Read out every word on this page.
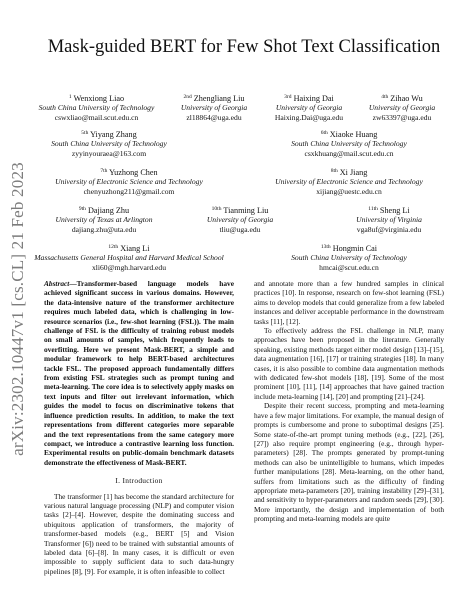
arXiv:2302.10447v1 [cs.CL] 21 Feb 2023
Mask-guided BERT for Few Shot Text Classification
$^1$ Wenxiong Liao
South China University of Technology
cswxliao@mail.scut.edu.cn
$^{2nd}$ Zhengliang Liu
University of Georgia
zl18864@uga.edu
$^{3rd}$ Haixing Dai
University of Georgia
Haixing.Dai@uga.edu
$^{4th}$ Zihao Wu
University of Georgia
zw63397@uga.edu
$^{5th}$ Yiyang Zhang
South China University of Technology
zyyinyouraea@163.com
$^{6th}$ Xiaoke Huang
South China University of Technology
csxkhuang@mail.scut.edu.cn
$^{7th}$ Yuzhong Chen
University of Electronic Science and Technology
chenyuzhong211@gmail.com
$^{8th}$ Xi Jiang
University of Electronic Science and Technology
xijiang@uestc.edu.cn
$^{9th}$ Dajiang Zhu
University of Texas at Arlington
dajiang.zhu@uta.edu
$^{10th}$ Tianming Liu
University of Georgia
tliu@uga.edu
$^{11th}$ Sheng Li
University of Virginia
vga8uf@virginia.edu
$^{12th}$ Xiang Li
Massachusetts General Hospital and Harvard Medical School
xli60@mgh.harvard.edu
$^{13th}$ Hongmin Cai
South China University of Technology
hmcai@scut.edu.cn

Abstract—Transformer-based language models have achieved significant success in various domains. However, the data-intensive nature of the transformer architecture requires much labeled data, which is challenging in low-resource scenarios (i.e., few-shot learning (FSL)). The main challenge of FSL is the difficulty of training robust models on small amounts of samples, which frequently leads to overfitting. Here we present Mask-BERT, a simple and modular framework to help BERT-based architectures tackle FSL. The proposed approach fundamentally differs from existing FSL strategies such as prompt tuning and meta-learning. The core idea is to selectively apply masks on text inputs and filter out irrelevant information, which guides the model to focus on discriminative tokens that influence prediction results. In addition, to make the text representations from different categories more separable and the text representations from the same category more compact, we introduce a contrastive learning loss function. Experimental results on public-domain benchmark datasets demonstrate the effectiveness of Mask-BERT.

I. Introduction

The transformer [1] has become the standard architecture for various natural language processing (NLP) and computer vision tasks [2]–[4]. However, despite the dominating success and ubiquitous application of transformers, the majority of transformer-based models (e.g., BERT [5] and Vision Transformer [6]) need to be trained with substantial amounts of labeled data [6]–[8]. In many cases, it is difficult or even impossible to supply sufficient data to such data-hungry pipelines [8], [9]. For example, it is often infeasible to collect

and annotate more than a few hundred samples in clinical practices [10]. In response, research on few-shot learning (FSL) aims to develop models that could generalize from a few labeled instances and deliver acceptable performance in the downstream tasks [11], [12].

To effectively address the FSL challenge in NLP, many approaches have been proposed in the literature. Generally speaking, existing methods target either model design [13]–[15], data augmentation [16], [17] or training strategies [18]. In many cases, it is also possible to combine data augmentation methods with dedicated few-shot models [18], [19]. Some of the most prominent [10], [11], [14] approaches that have gained traction include meta-learning [14], [20] and prompting [21]–[24].

Despite their recent success, prompting and meta-learning have a few major limitations. For example, the manual design of prompts is cumbersome and prone to suboptimal designs [25]. Some state-of-the-art prompt tuning methods (e.g., [22], [26], [27]) also require prompt engineering (e.g., through hyper-parameters) [28]. The prompts generated by prompt-tuning methods can also be unintelligible to humans, which impedes further manipulations [28]. Meta-learning, on the other hand, suffers from limitations such as the difficulty of finding appropriate meta-parameters [20], training instability [29]–[31], and sensitivity to hyper-parameters and random seeds [29], [30]. More importantly, the design and implementation of both prompting and meta-learning models are quite
